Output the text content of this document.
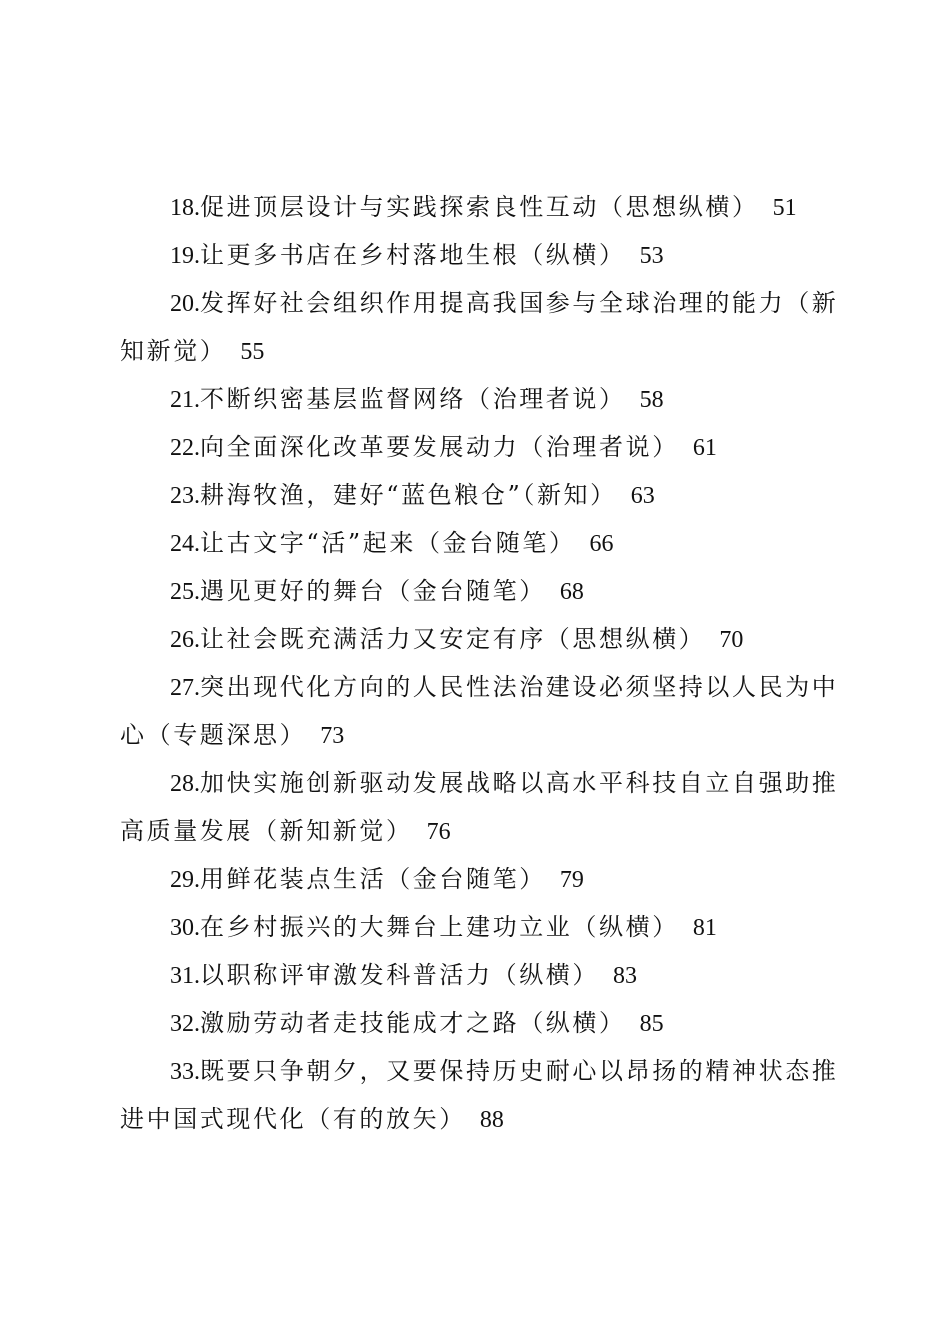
18.促进顶层设计与实践探索良性互动（思想纵横） 51

19.让更多书店在乡村落地生根（纵横） 53

20.发挥好社会组织作用提高我国参与全球治理的能力（新知新觉） 55

21.不断织密基层监督网络（治理者说） 58

22.向全面深化改革要发展动力（治理者说） 61

23.耕海牧渔，建好“蓝色粮仓”（新知） 63

24.让古文字“活”起来（金台随笔） 66

25.遇见更好的舞台（金台随笔） 68

26.让社会既充满活力又安定有序（思想纵横） 70

27.突出现代化方向的人民性法治建设必须坚持以人民为中心（专题深思） 73

28.加快实施创新驱动发展战略以高水平科技自立自强助推高质量发展（新知新觉） 76

29.用鲜花装点生活（金台随笔） 79

30.在乡村振兴的大舞台上建功立业（纵横） 81

31.以职称评审激发科普活力（纵横） 83

32.激励劳动者走技能成才之路（纵横） 85

33.既要只争朝夕，又要保持历史耐心以昂扬的精神状态推进中国式现代化（有的放矢） 88
